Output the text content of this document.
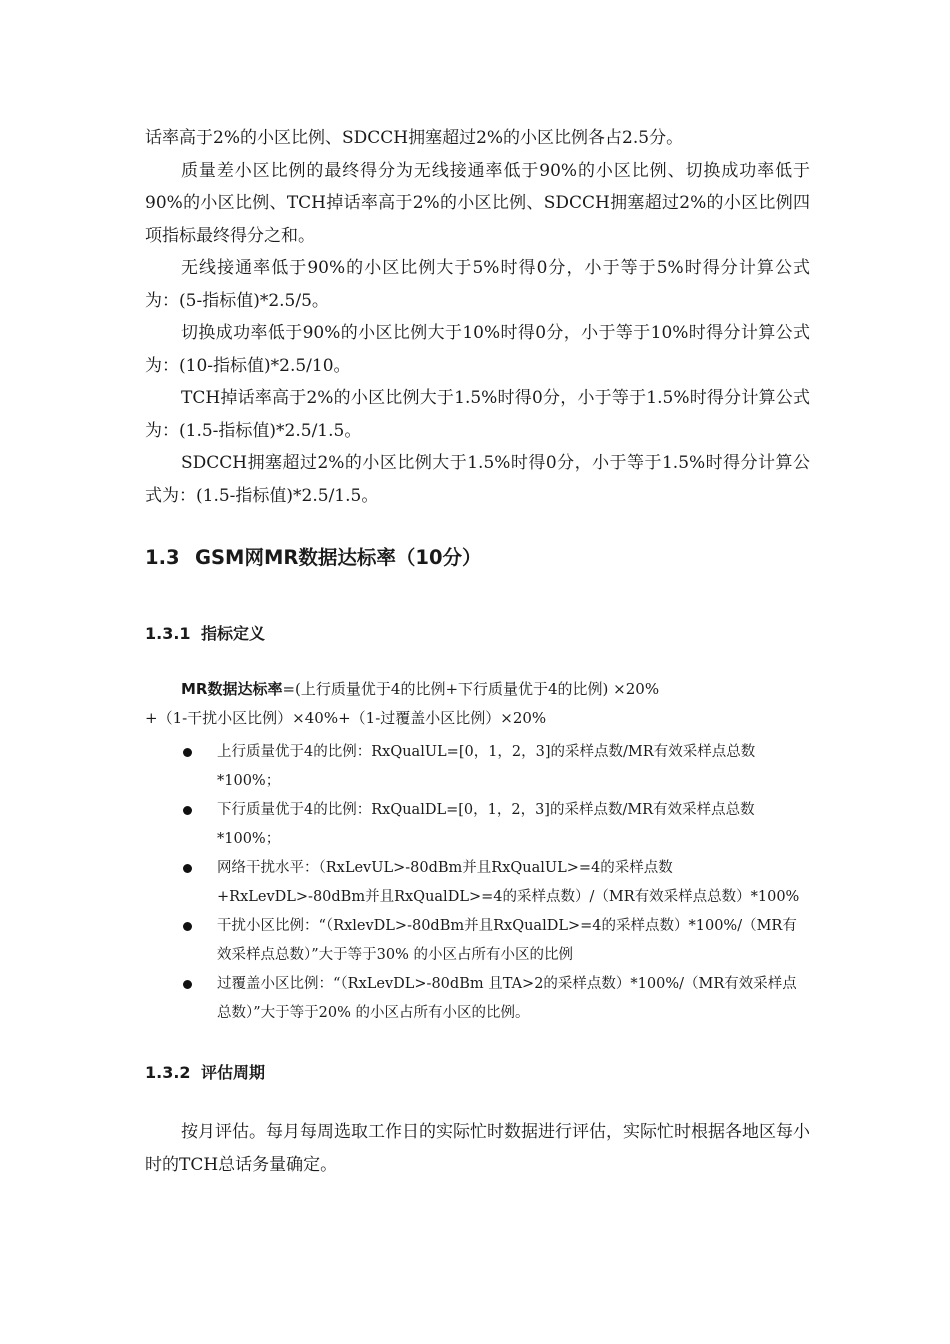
话率高于2%的小区比例、SDCCH拥塞超过2%的小区比例各占2.5分。

质量差小区比例的最终得分为无线接通率低于90%的小区比例、切换成功率低于90%的小区比例、TCH掉话率高于2%的小区比例、SDCCH拥塞超过2%的小区比例四项指标最终得分之和。

无线接通率低于90%的小区比例大于5%时得0分，小于等于5%时得分计算公式为：(5-指标值)*2.5/5。

切换成功率低于90%的小区比例大于10%时得0分，小于等于10%时得分计算公式为：(10-指标值)*2.5/10。

TCH掉话率高于2%的小区比例大于1.5%时得0分，小于等于1.5%时得分计算公式为：(1.5-指标值)*2.5/1.5。

SDCCH拥塞超过2%的小区比例大于1.5%时得0分，小于等于1.5%时得分计算公式为：(1.5-指标值)*2.5/1.5。

1.3 GSM网MR数据达标率（10分）
1.3.1 指标定义

MR数据达标率=(上行质量优于4的比例+下行质量优于4的比例) ×20%

+（1-干扰小区比例）×40%+（1-过覆盖小区比例）×20%

上行质量优于4的比例：RxQualUL=[0，1，2，3]的采样点数/MR有效采样点总数*100%；
下行质量优于4的比例：RxQualDL=[0，1，2，3]的采样点数/MR有效采样点总数*100%；
网络干扰水平：（RxLevUL>-80dBm并且RxQualUL>=4的采样点数+RxLevDL>-80dBm并且RxQualDL>=4的采样点数）/（MR有效采样点总数）*100%
干扰小区比例：“（RxlevDL>-80dBm并且RxQualDL>=4的采样点数）*100%/（MR有效采样点总数）”大于等于30% 的小区占所有小区的比例
过覆盖小区比例：“（RxLevDL>-80dBm 且TA>2的采样点数）*100%/（MR有效采样点总数）”大于等于20% 的小区占所有小区的比例。
1.3.2 评估周期

按月评估。每月每周选取工作日的实际忙时数据进行评估，实际忙时根据各地区每小时的TCH总话务量确定。
